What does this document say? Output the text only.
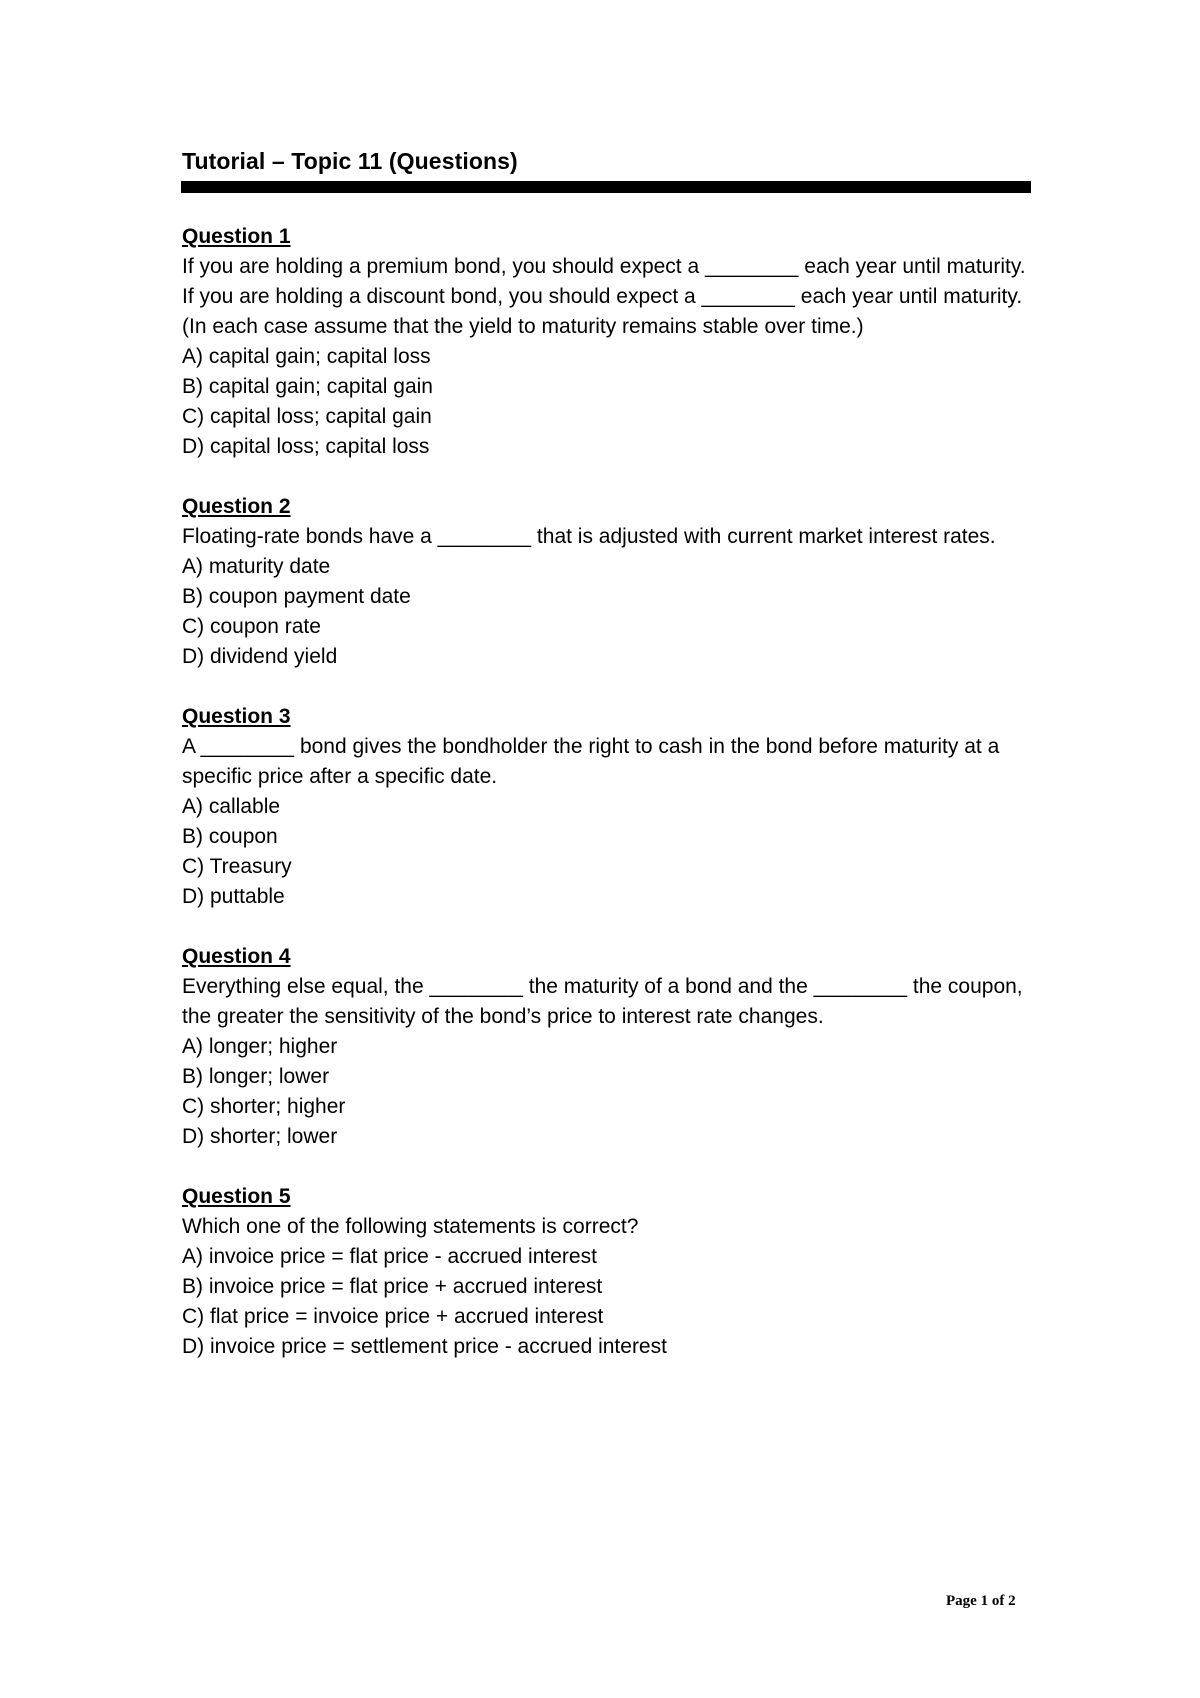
Tutorial – Topic 11 (Questions)
Question 1

If you are holding a premium bond, you should expect a ________ each year until maturity. If you are holding a discount bond, you should expect a ________ each year until maturity. (In each case assume that the yield to maturity remains stable over time.)

A) capital gain; capital loss
B) capital gain; capital gain
C) capital loss; capital gain
D) capital loss; capital loss
Question 2

Floating-rate bonds have a ________ that is adjusted with current market interest rates.

A) maturity date
B) coupon payment date
C) coupon rate
D) dividend yield
Question 3

A ________ bond gives the bondholder the right to cash in the bond before maturity at a specific price after a specific date.

A) callable
B) coupon
C) Treasury
D) puttable
Question 4

Everything else equal, the ________ the maturity of a bond and the ________ the coupon, the greater the sensitivity of the bond’s price to interest rate changes.

A) longer; higher
B) longer; lower
C) shorter; higher
D) shorter; lower
Question 5

Which one of the following statements is correct?

A) invoice price = flat price - accrued interest
B) invoice price = flat price + accrued interest
C) flat price = invoice price + accrued interest
D) invoice price = settlement price - accrued interest
Page 1 of 2
